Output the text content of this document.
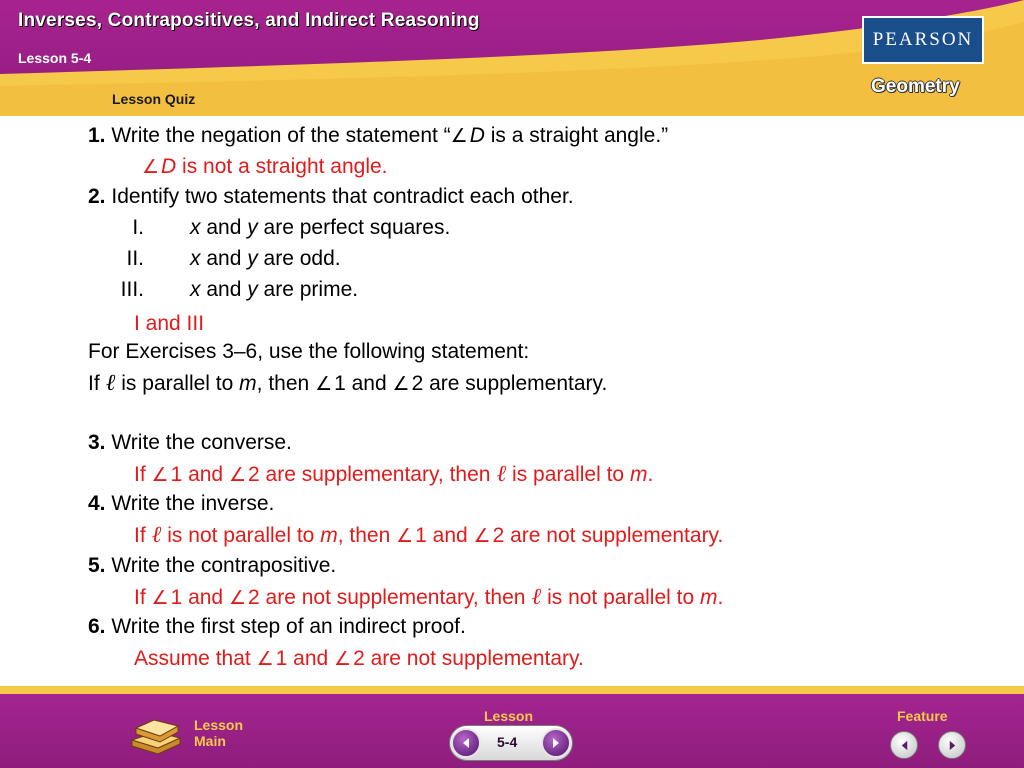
Inverses, Contrapositives, and Indirect Reasoning
Lesson 5-4
Lesson Quiz
PEARSON
Geometry
1. Write the negation of the statement “∠D is a straight angle.”
∠D is not a straight angle.
2. Identify two statements that contradict each other.
I. x and y are perfect squares.
II. x and y are odd.
III. x and y are prime.
I and III
For Exercises 3–6, use the following statement:
If ℓ is parallel to m, then ∠1 and ∠2 are supplementary.
3. Write the converse.
If ∠1 and ∠2 are supplementary, then ℓ is parallel to m.
4. Write the inverse.
If ℓ is not parallel to m, then ∠1 and ∠2 are not supplementary.
5. Write the contrapositive.
If ∠1 and ∠2 are not supplementary, then ℓ is not parallel to m.
6. Write the first step of an indirect proof.
Assume that ∠1 and ∠2 are not supplementary.
Lesson
Main
Lesson
5-4
Feature
